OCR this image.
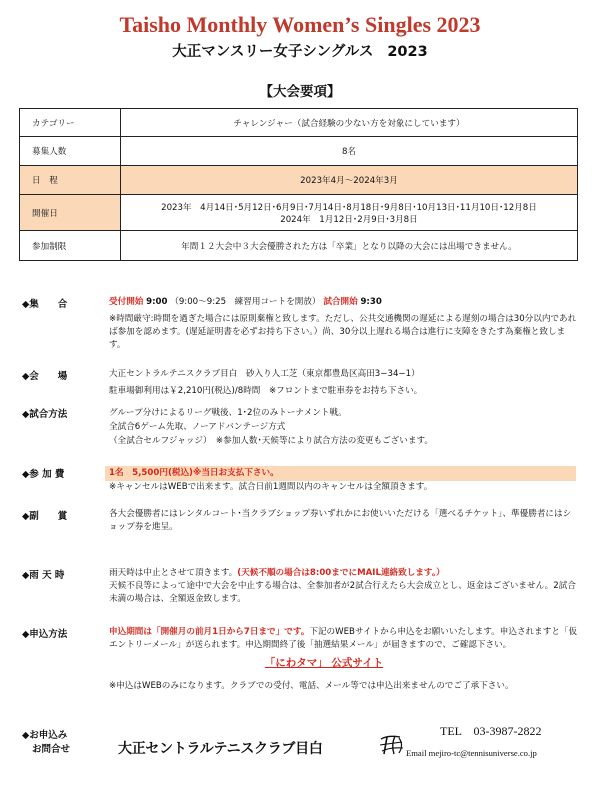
Taisho Monthly Women’s Singles 2023
大正マンスリー女子シングルス 2023
【大会要項】
カテゴリー	チャレンジャー（試合経験の少ない方を対象にしています）
募集人数	8名
日　程	2023年4月～2024年3月
開催日	2023年　4月14日･5月12日･6月9日･7月14日･8月18日･9月8日･10月13日･11月10日･12月8日
2024年　1月12日･2月9日･3月8日

参加制限	年間１２大会中３大会優勝された方は「卒業」となり以降の大会には出場できません。
◆集　　合	受付開始 9:00 （9:00～9:25　練習用コートを開放） 試合開始 9:30
※時間厳守:時間を過ぎた場合には原則棄権と致します。ただし、公共交通機関の遅延による遅刻の場合は30分以内であれば参加を認めます。(遅延証明書を必ずお持ち下さい。）尚、30分以上遅れる場合は進行に支障をきたす為棄権と致します。
◆会　　場	大正セントラルテニスクラブ目白　砂入り人工芝（東京都豊島区高田3−34−1）
駐車場御利用は￥2,210円(税込)/8時間　※フロントまで駐車券をお持ち下さい。
◆試合方法	グループ分けによるリーグ戦後、1･2位のみトーナメント戦。
全試合6ゲーム先取、ノーアドバンテージ方式
（全試合セルフジャッジ）　※参加人数･天候等により試合方法の変更もございます。
◆参 加 費	1名　5,500円(税込)※当日お支払下さい。
※キャンセルはWEBで出来ます。試合日前1週間以内のキャンセルは全額頂きます。
◆副　　賞	各大会優勝者にはレンタルコート･当クラブショップ券いずれかにお使いいただける「選べるチケット」、準優勝者にはショップ券を進呈。
◆雨 天 時	雨天時は中止とさせて頂きます。(天候不順の場合は8:00までにMAIL連絡致します。）
天候不良等によって途中で大会を中止する場合は、全参加者が2試合行えたら大会成立とし、返金はございません。2試合未満の場合は、全額返金致します。
◆申込方法	申込期間は「開催月の前月1日から7日まで」です。下記のWEBサイトから申込をお願いいたします。申込されますと「仮エントリーメール」が送られます。申込期間終了後「抽選結果メール」が届きますので、ご確認下さい。
「にわタマ」 公式サイト
※申込はWEBのみになります。クラブでの受付、電話、メール等では申込出来ませんのでご了承下さい。
◆お申込み
お問合せ	大正セントラルテニスクラブ目白
TEL　03-3987-2822
Email mejiro-tc@tennisuniverse.co.jp
